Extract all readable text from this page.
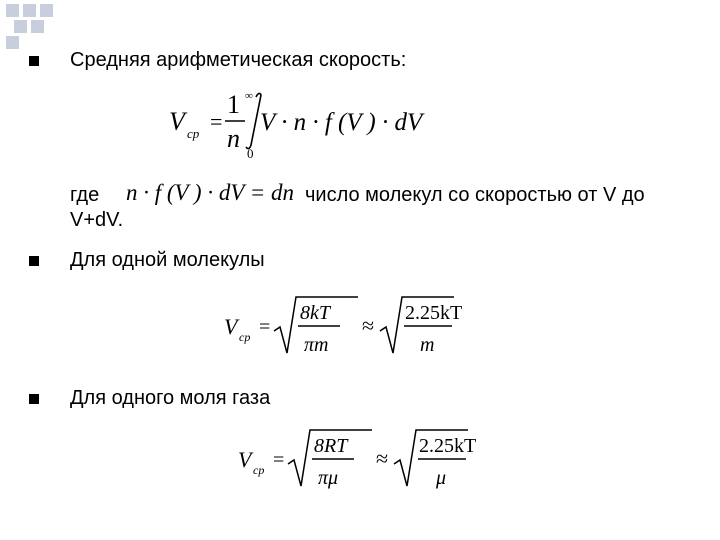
Средняя арифметическая скорость:
V ср =
1
n
∞
0
V · n · f (V ) · dV
где n · f (V ) · dV = dn число молекул со скоростью от V до
V+dV.
Для одной молекулы
V ср =
8kT
πm
≈ 2.25kT
m
Для одного моля газа
V ср =
8RT
πμ
≈ 2.25kT
μ
